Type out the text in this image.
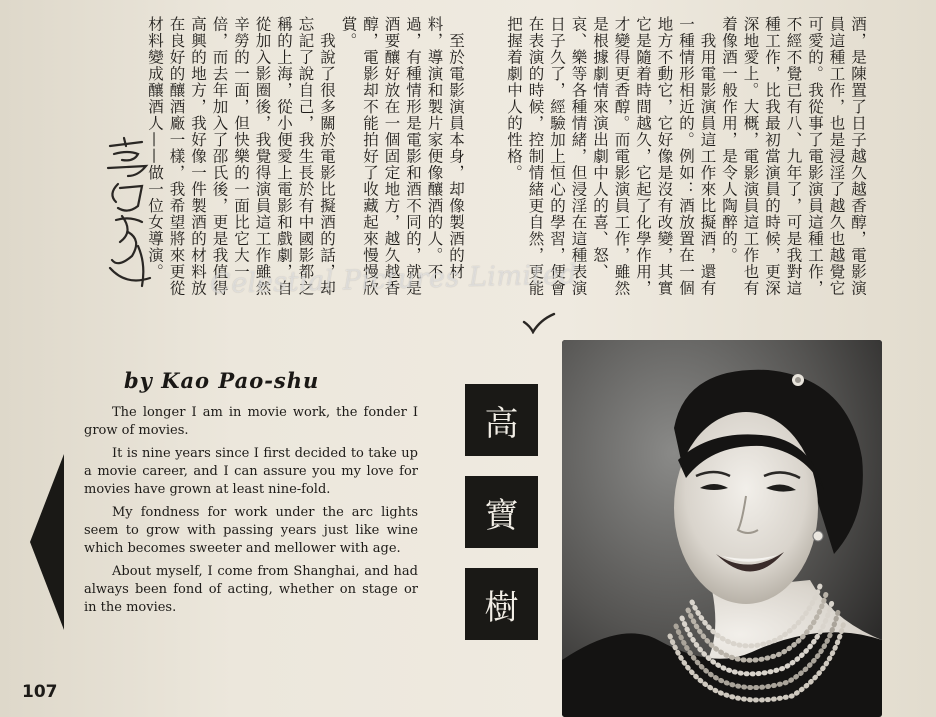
酒，是陳置了日子越久越香醇，電影演員這種工作，也是浸淫了越久也越覺它可愛的。我從事了電影演員這種工作，不經不覺已有八、九年了，可是我對這種工作，比我最初當演員的時候，更深深地愛上。大概，電影演員這工作也有着像酒一般作用，是令人陶醉的。
　我用電影演員這工作來比擬酒，還有一種情形相近的。例如：酒放置在一個地方不動它，它好像是沒有改變，其實它是隨着時間越久，它起了化學作用，才變得更香醇。而電影演員工作，雖然是根據劇情來演出劇中人的喜、怒、哀、樂等各種情緒，但浸淫在這種表演日子久了，經驗加上恒心的學習，便會在表演的時候，控制情緒更自然，更能把握着劇中人的性格。
　至於電影演員本身，却像製酒的材料，導演和製片家便像釀酒的人。不過，有種情形是電影和酒不同的，就是酒要釀好放在一個固定地方，越久越香醇，電影却不能拍好了收藏起來慢慢欣賞。
　我說了很多關於電影比擬酒的話，却忘記了說自己，我生長於有中國影都之稱的上海，從小便愛上電影和戲劇，自從加入影圈後，我覺得演員這工作雖然辛勞的一面，但快樂的一面比它大一倍，而去年加入了邵氏後，更是我值得高興的地方，我好像一件製酒的材料放在良好的釀酒廠一樣，我希望將來更從材料變成釀酒人——做一位女導演。
by Kao Pao-shu

The longer I am in movie work, the fonder I grow of movies.

It is nine years since I first decided to take up a movie career, and I can assure you my love for movies have grown at least nine-fold.

My fondness for work under the arc lights seem to grow with passing years just like wine which becomes sweeter and mellower with age.

About myself, I come from Shanghai, and had always been fond of acting, whether on stage or in the movies.

高
寶
樹
107
Celestial Pictures Limited
